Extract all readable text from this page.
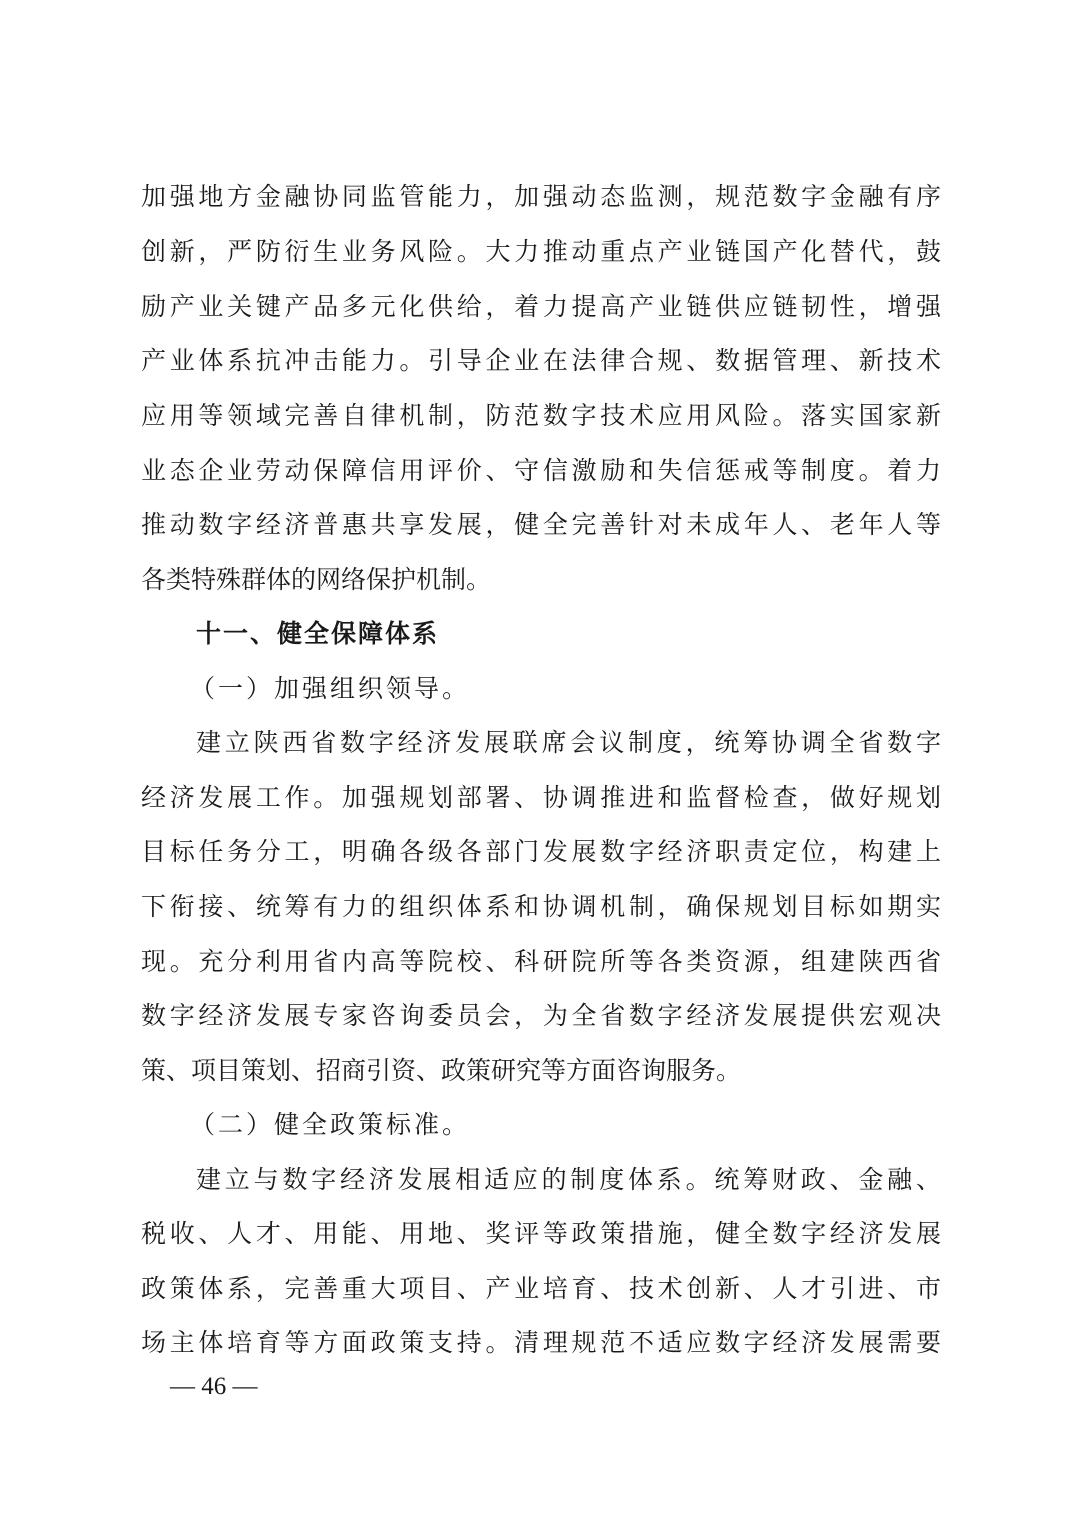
加强地方金融协同监管能力，加强动态监测，规范数字金融有序
创新，严防衍生业务风险。大力推动重点产业链国产化替代，鼓
励产业关键产品多元化供给，着力提高产业链供应链韧性，增强
产业体系抗冲击能力。引导企业在法律合规、数据管理、新技术
应用等领域完善自律机制，防范数字技术应用风险。落实国家新
业态企业劳动保障信用评价、守信激励和失信惩戒等制度。着力
推动数字经济普惠共享发展，健全完善针对未成年人、老年人等
各类特殊群体的网络保护机制。
十一、健全保障体系
（一）加强组织领导。
建立陕西省数字经济发展联席会议制度，统筹协调全省数字
经济发展工作。加强规划部署、协调推进和监督检查，做好规划
目标任务分工，明确各级各部门发展数字经济职责定位，构建上
下衔接、统筹有力的组织体系和协调机制，确保规划目标如期实
现。充分利用省内高等院校、科研院所等各类资源，组建陕西省
数字经济发展专家咨询委员会，为全省数字经济发展提供宏观决
策、项目策划、招商引资、政策研究等方面咨询服务。
（二）健全政策标准。
建立与数字经济发展相适应的制度体系。统筹财政、金融、
税收、人才、用能、用地、奖评等政策措施，健全数字经济发展
政策体系，完善重大项目、产业培育、技术创新、人才引进、市
场主体培育等方面政策支持。清理规范不适应数字经济发展需要
— 46 —
